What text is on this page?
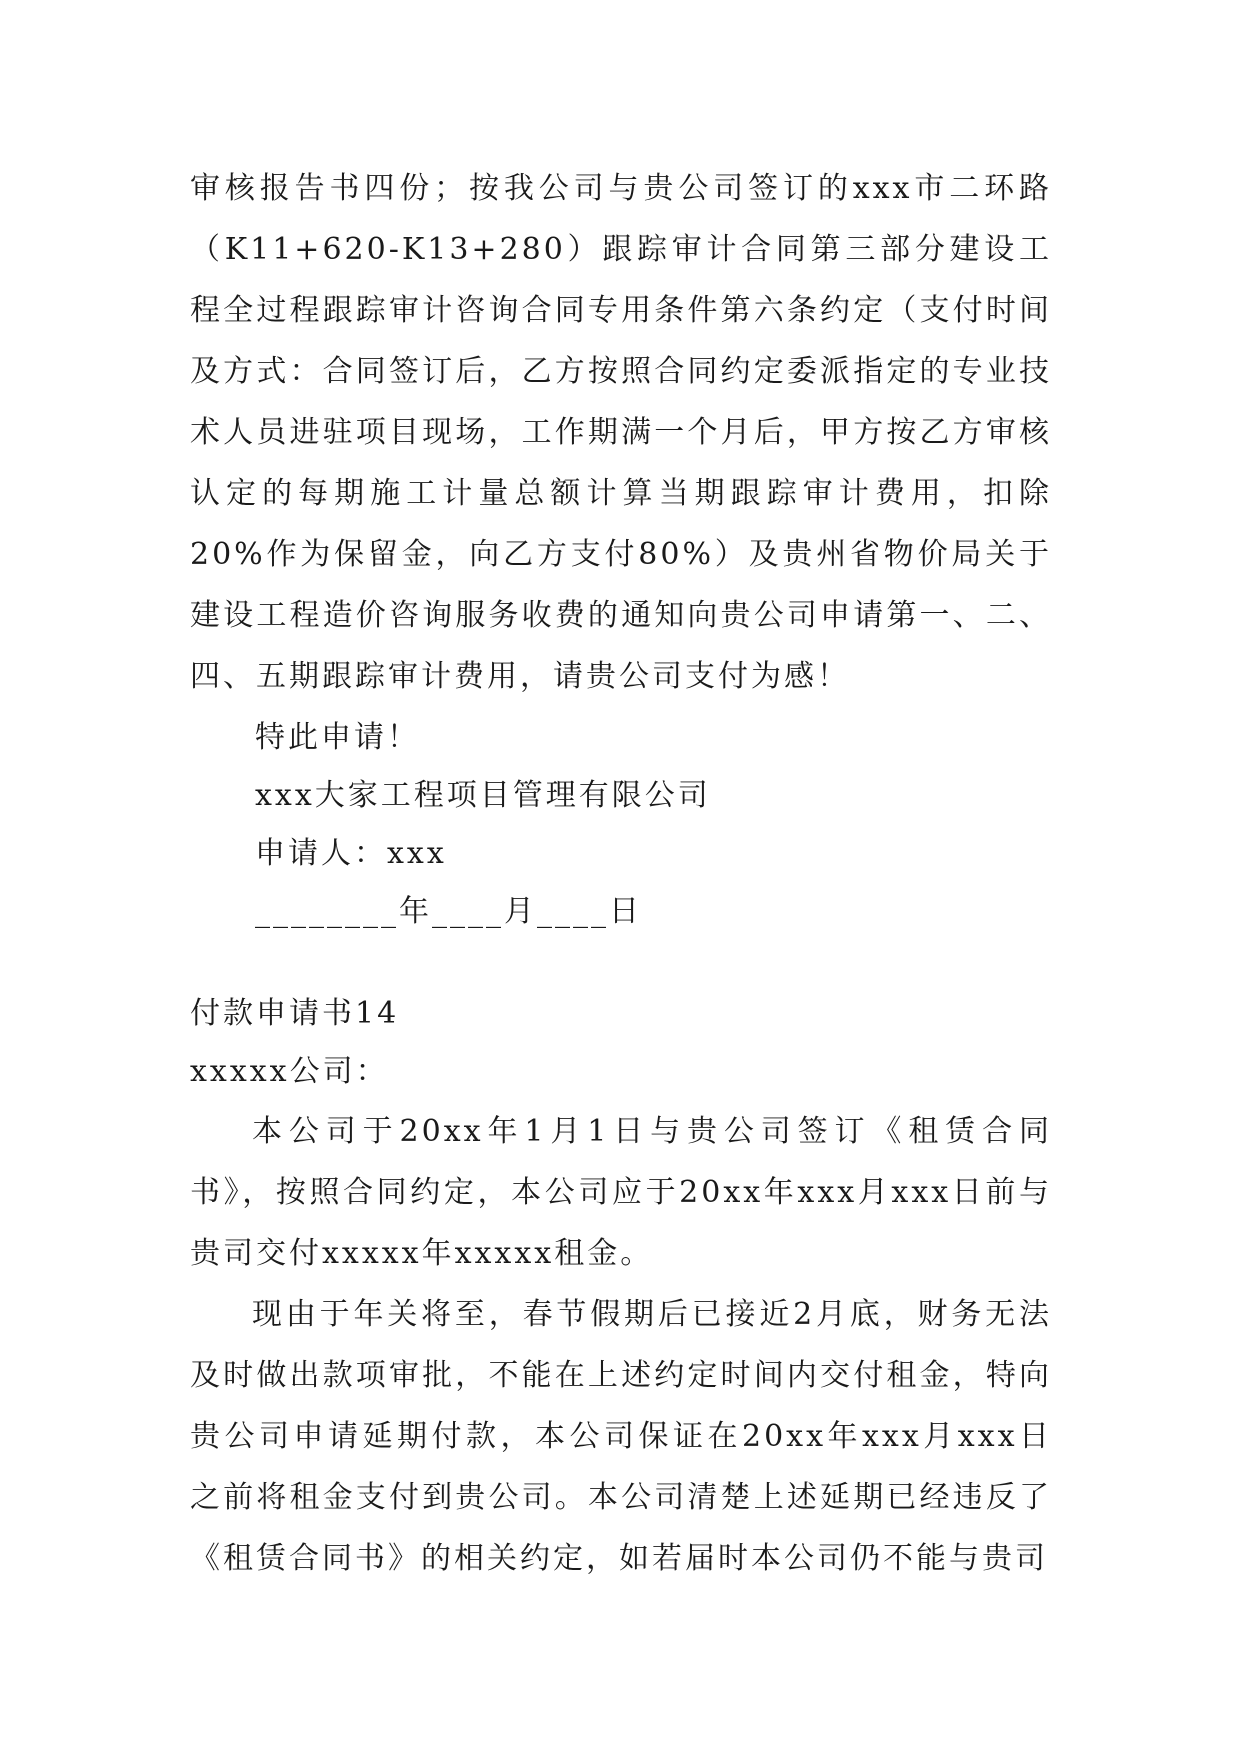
审核报告书四份；按我公司与贵公司签订的xxx市二环路（K11+620-K13+280）跟踪审计合同第三部分建设工程全过程跟踪审计咨询合同专用条件第六条约定（支付时间及方式：合同签订后，乙方按照合同约定委派指定的专业技术人员进驻项目现场，工作期满一个月后，甲方按乙方审核认定的每期施工计量总额计算当期跟踪审计费用，扣除20%作为保留金，向乙方支付80%）及贵州省物价局关于建设工程造价咨询服务收费的通知向贵公司申请第一、二、四、五期跟踪审计费用，请贵公司支付为感！

特此申请！

xxx大家工程项目管理有限公司

申请人：xxx

________年____月____日

付款申请书14

xxxxx公司：

本公司于20xx年1月1日与贵公司签订《租赁合同书》，按照合同约定，本公司应于20xx年xxx月xxx日前与贵司交付xxxxx年xxxxx租金。

现由于年关将至，春节假期后已接近2月底，财务无法及时做出款项审批，不能在上述约定时间内交付租金，特向贵公司申请延期付款，本公司保证在20xx年xxx月xxx日之前将租金支付到贵公司。本公司清楚上述延期已经违反了《租赁合同书》的相关约定，如若届时本公司仍不能与贵司
